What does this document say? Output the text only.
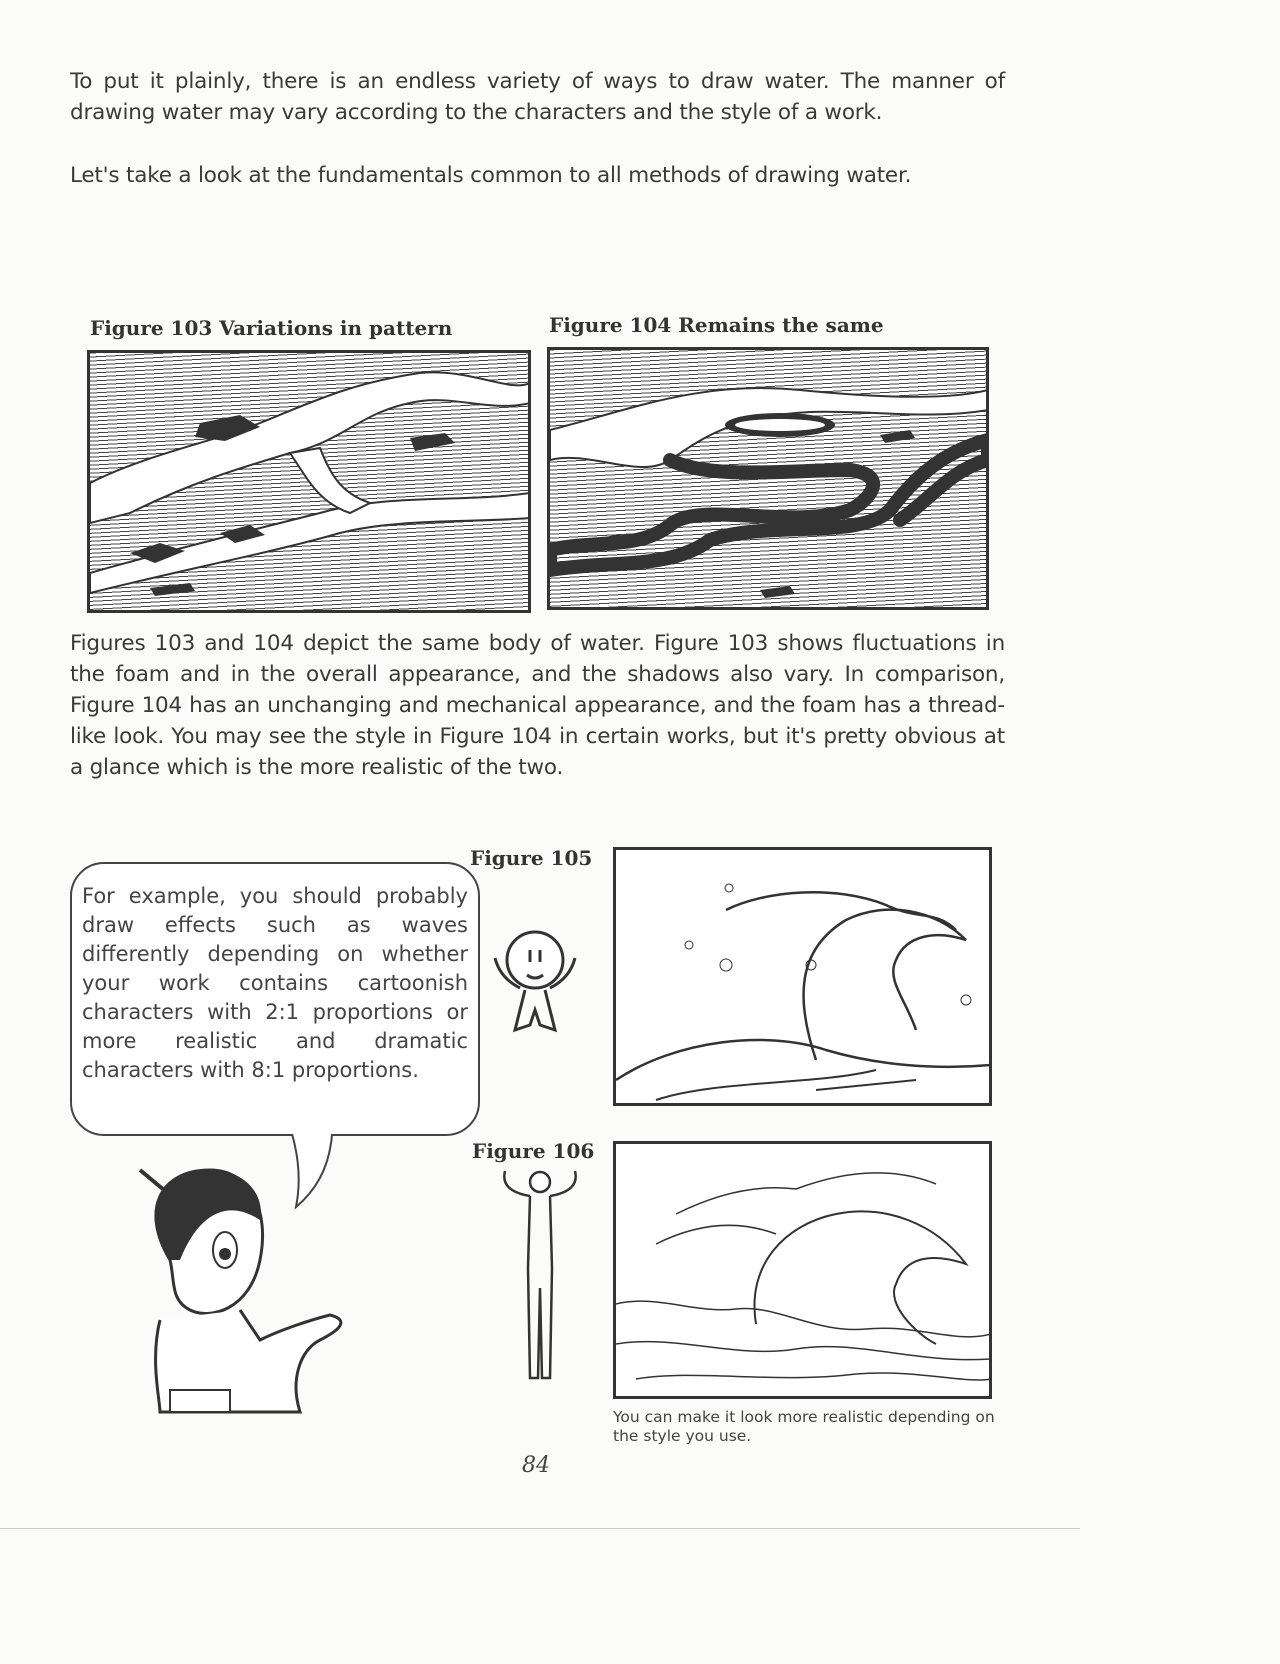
To put it plainly, there is an endless variety of ways to draw water. The manner of drawing water may vary according to the characters and the style of a work.
Let's take a look at the fundamentals common to all methods of drawing water.
Figure 103 Variations in pattern	Figure 104 Remains the same
Figures 103 and 104 depict the same body of water. Figure 103 shows fluctuations in the foam and in the overall appearance, and the shadows also vary. In comparison, Figure 104 has an unchanging and mechanical appearance, and the foam has a thread-like look. You may see the style in Figure 104 in certain works, but it's pretty obvious at a glance which is the more realistic of the two.
For example, you should probably draw effects such as waves differently depending on whether your work contains cartoonish characters with 2:1 proportions or more realistic and dramatic characters with 8:1 proportions.
Figure 105
Figure 106
You can make it look more realistic depending on the style you use.
84
